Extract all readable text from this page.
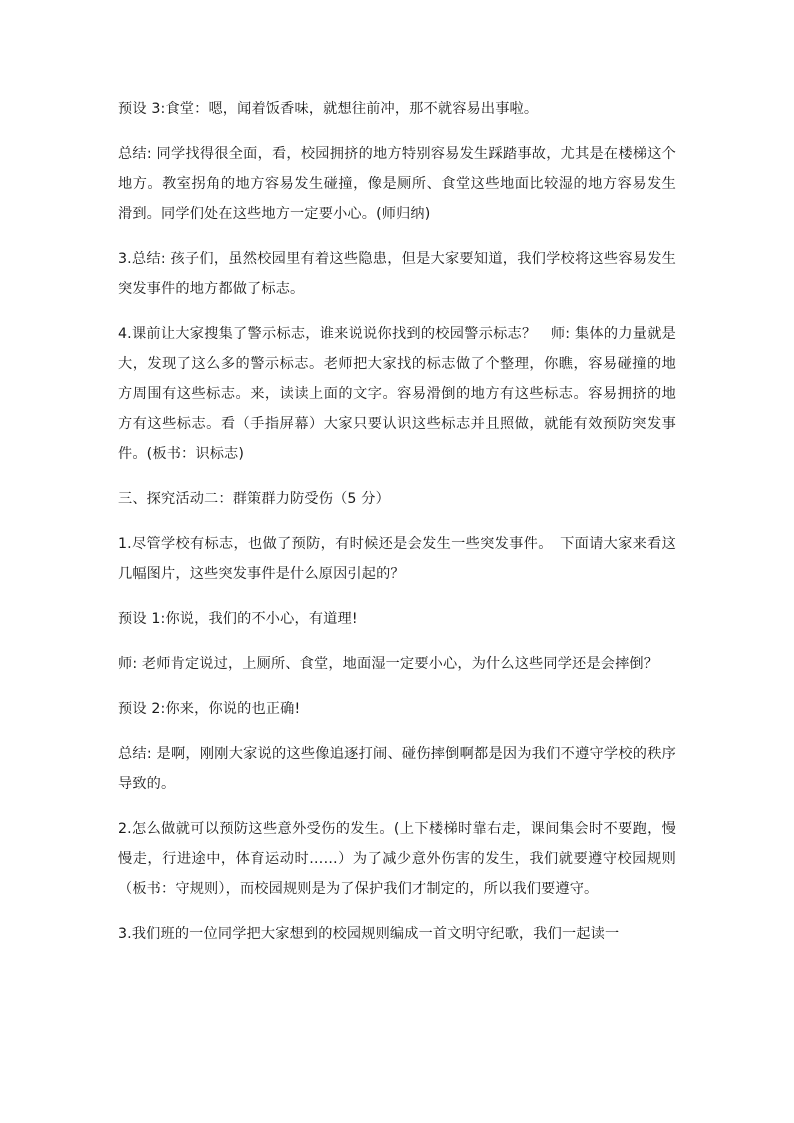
预设 3:食堂：嗯，闻着饭香味，就想往前冲，那不就容易出事啦。

总结: 同学找得很全面，看，校园拥挤的地方特别容易发生踩踏事故，尤其是在楼梯这个地方。教室拐角的地方容易发生碰撞，像是厕所、食堂这些地面比较湿的地方容易发生滑到。同学们处在这些地方一定要小心。(师归纳)

3.总结: 孩子们，虽然校园里有着这些隐患，但是大家要知道，我们学校将这些容易发生突发事件的地方都做了标志。

4.课前让大家搜集了警示标志，谁来说说你找到的校园警示标志？　师: 集体的力量就是大，发现了这么多的警示标志。老师把大家找的标志做了个整理，你瞧，容易碰撞的地方周围有这些标志。来，读读上面的文字。容易滑倒的地方有这些标志。容易拥挤的地方有这些标志。看（手指屏幕）大家只要认识这些标志并且照做，就能有效预防突发事件。(板书：识标志)

三、探究活动二：群策群力防受伤（5 分）

1.尽管学校有标志，也做了预防，有时候还是会发生一些突发事件。　下面请大家来看这几幅图片，这些突发事件是什么原因引起的？

预设 1:你说，我们的不小心，有道理!

师: 老师肯定说过，上厕所、食堂，地面湿一定要小心，为什么这些同学还是会摔倒？

预设 2:你来，你说的也正确!

总结: 是啊，刚刚大家说的这些像追逐打闹、碰伤摔倒啊都是因为我们不遵守学校的秩序导致的。

2.怎么做就可以预防这些意外受伤的发生。(上下楼梯时靠右走，课间集会时不要跑，慢慢走，行进途中，体育运动时……）为了减少意外伤害的发生，我们就要遵守校园规则（板书：守规则），而校园规则是为了保护我们才制定的，所以我们要遵守。

3.我们班的一位同学把大家想到的校园规则编成一首文明守纪歌，我们一起读一
